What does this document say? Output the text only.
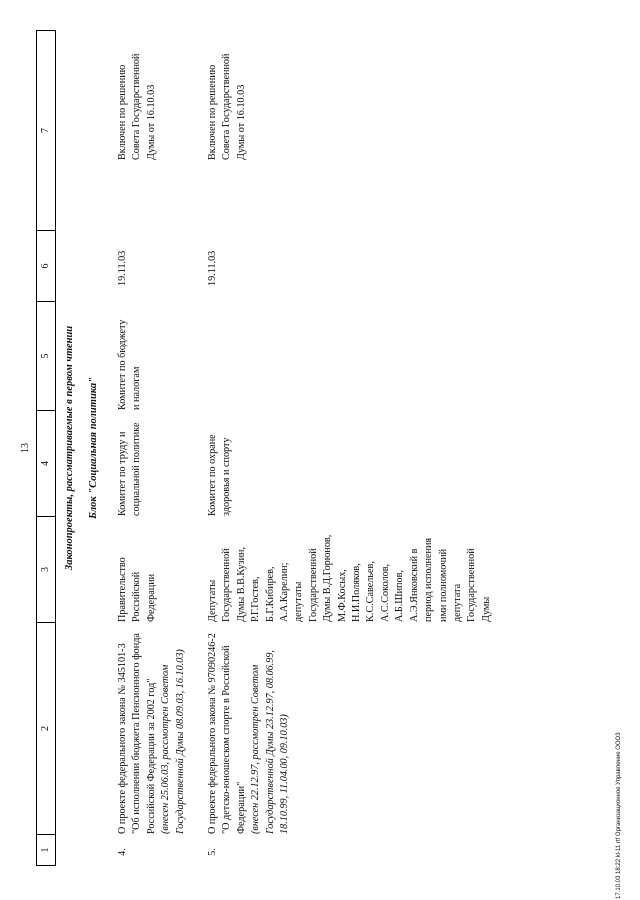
13
1
2
3
4
5
6
7
Законопроекты, рассматриваемые в первом чтении Блок "Социальная политика"
4.
О проекте федерального закона № 345101-3 "Об исполнении бюджета Пенсионного фонда Российской Федерации за 2002 год" (внесен 25.06.03, рассмотрен Советом Государственной Думы 08.09.03, 16.10.03)
Правительство Российской Федерации
Комитет по труду и социальной политике
Комитет по бюджету и налогам
19.11.03
Включен по решению Совета Государственной Думы от 16.10.03
5.
О проекте федерального закона № 97090246-2 "О детско-юношеском спорте в Российской Федерации" (внесен 22.12.97, рассмотрен Советом Государственной Думы 23.12.97, 08.06.99, 18.10.99, 11.04.00, 09.10.03)
Депутаты Государственной Думы В.В.Кузин, Р.Г.Гостев, Б.Г.Кибирев, А.А.Карелин; депутаты Государственной Думы В.Д.Горюнов, М.Ф.Косых, Н.И.Поляков, К.С.Савельев, А.С.Соколов, А.Б.Шипов, А.Э.Янковский в период исполнения ими полномочий депутата Государственной Думы
Комитет по охране здоровья и спорту
19.11.03
Включен по решению Совета Государственной Думы от 16.10.03
17.10.03 18:22 kl-11 rtf Организационное Управление ООО3
